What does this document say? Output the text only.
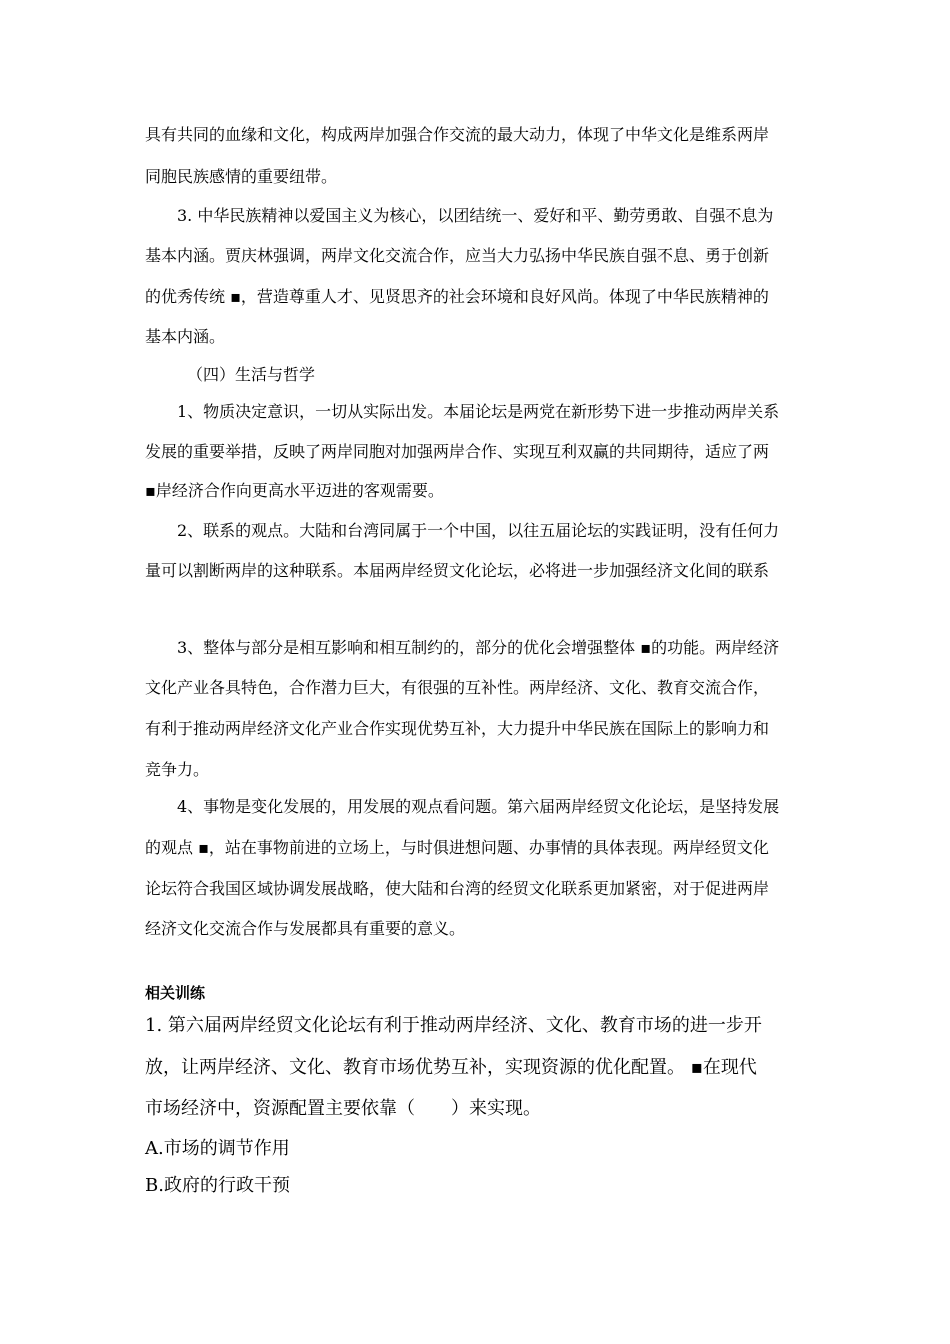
具有共同的血缘和文化，构成两岸加强合作交流的最大动力，体现了中华文化是维系两岸
同胞民族感情的重要纽带。
3. 中华民族精神以爱国主义为核心，以团结统一、爱好和平、勤劳勇敢、自强不息为
基本内涵。贾庆林强调，两岸文化交流合作，应当大力弘扬中华民族自强不息、勇于创新
的优秀传统 ▪，营造尊重人才、见贤思齐的社会环境和良好风尚。体现了中华民族精神的
基本内涵。
（四）生活与哲学
1、物质决定意识，一切从实际出发。本届论坛是两党在新形势下进一步推动两岸关系
发展的重要举措，反映了两岸同胞对加强两岸合作、实现互利双赢的共同期待，适应了两
▪岸经济合作向更高水平迈进的客观需要。
2、联系的观点。大陆和台湾同属于一个中国，以往五届论坛的实践证明，没有任何力
量可以割断两岸的这种联系。本届两岸经贸文化论坛，必将进一步加强经济文化间的联系
3、整体与部分是相互影响和相互制约的，部分的优化会增强整体 ▪的功能。两岸经济
文化产业各具特色，合作潜力巨大，有很强的互补性。两岸经济、文化、教育交流合作，
有利于推动两岸经济文化产业合作实现优势互补，大力提升中华民族在国际上的影响力和
竞争力。
4、事物是变化发展的，用发展的观点看问题。第六届两岸经贸文化论坛，是坚持发展
的观点 ▪，站在事物前进的立场上，与时俱进想问题、办事情的具体表现。两岸经贸文化
论坛符合我国区域协调发展战略，使大陆和台湾的经贸文化联系更加紧密，对于促进两岸
经济文化交流合作与发展都具有重要的意义。
相关训练
1. 第六届两岸经贸文化论坛有利于推动两岸经济、文化、教育市场的进一步开
放，让两岸经济、文化、教育市场优势互补，实现资源的优化配置。 ▪在现代
市场经济中，资源配置主要依靠（　　）来实现。
A.市场的调节作用
B.政府的行政干预
